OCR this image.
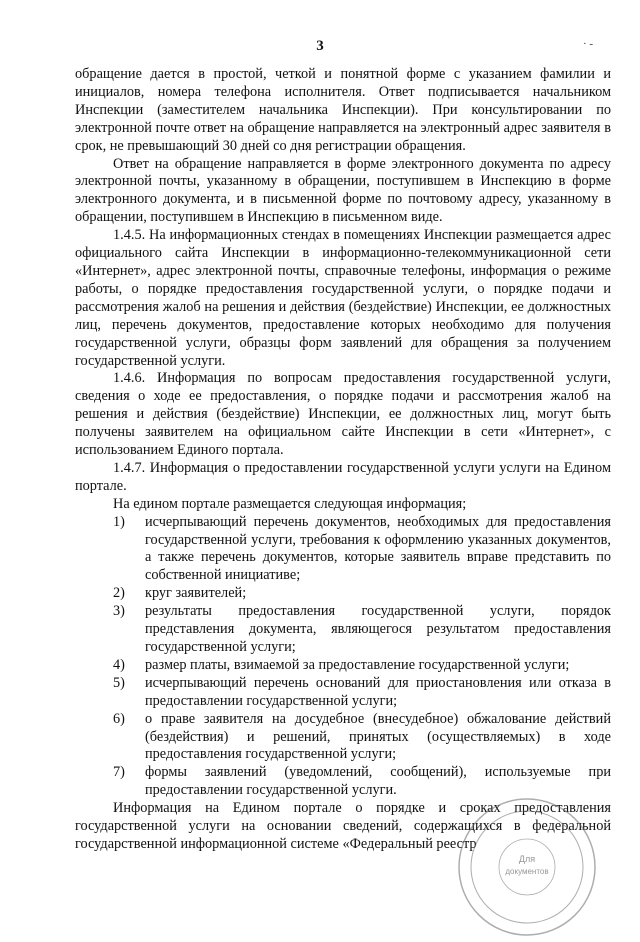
3	· -

обращение дается в простой, четкой и понятной форме с указанием фамилии и инициалов, номера телефона исполнителя. Ответ подписывается начальником Инспекции (заместителем начальника Инспекции). При консультировании по электронной почте ответ на обращение направляется на электронный адрес заявителя в срок, не превышающий 30 дней со дня регистрации обращения.

Ответ на обращение направляется в форме электронного документа по адресу электронной почты, указанному в обращении, поступившем в Инспекцию в форме электронного документа, и в письменной форме по почтовому адресу, указанному в обращении, поступившем в Инспекцию в письменном виде.

1.4.5. На информационных стендах в помещениях Инспекции размещается адрес официального сайта Инспекции в информационно-телекоммуникационной сети «Интернет», адрес электронной почты, справочные телефоны, информация о режиме работы, о порядке предоставления государственной услуги, о порядке подачи и рассмотрения жалоб на решения и действия (бездействие) Инспекции, ее должностных лиц, перечень документов, предоставление которых необходимо для получения государственной услуги, образцы форм заявлений для обращения за получением государственной услуги.

1.4.6. Информация по вопросам предоставления государственной услуги, сведения о ходе ее предоставления, о порядке подачи и рассмотрения жалоб на решения и действия (бездействие) Инспекции, ее должностных лиц, могут быть получены заявителем на официальном сайте Инспекции в сети «Интернет», с использованием Единого портала.

1.4.7. Информация о предоставлении государственной услуги услуги на Едином портале.

На едином портале размещается следующая информация;

1)	исчерпывающий перечень документов, необходимых для предоставления государственной услуги, требования к оформлению указанных документов, а также перечень документов, которые заявитель вправе представить по собственной инициативе;
2)	круг заявителей;
3)	результаты предоставления государственной услуги, порядок представления документа, являющегося результатом предоставления государственной услуги;
4)	размер платы, взимаемой за предоставление государственной услуги;
5)	исчерпывающий перечень оснований для приостановления или отказа в предоставлении государственной услуги;
6)	о праве заявителя на досудебное (внесудебное) обжалование действий (бездействия) и решений, принятых (осуществляемых) в ходе предоставления государственной услуги;
7)	формы заявлений (уведомлений, сообщений), используемые при предоставлении государственной услуги.

Информация на Едином портале о порядке и сроках предоставления государственной услуги на основании сведений, содержащихся в федеральной государственной информационной системе «Федеральный реестр

Для
документов
